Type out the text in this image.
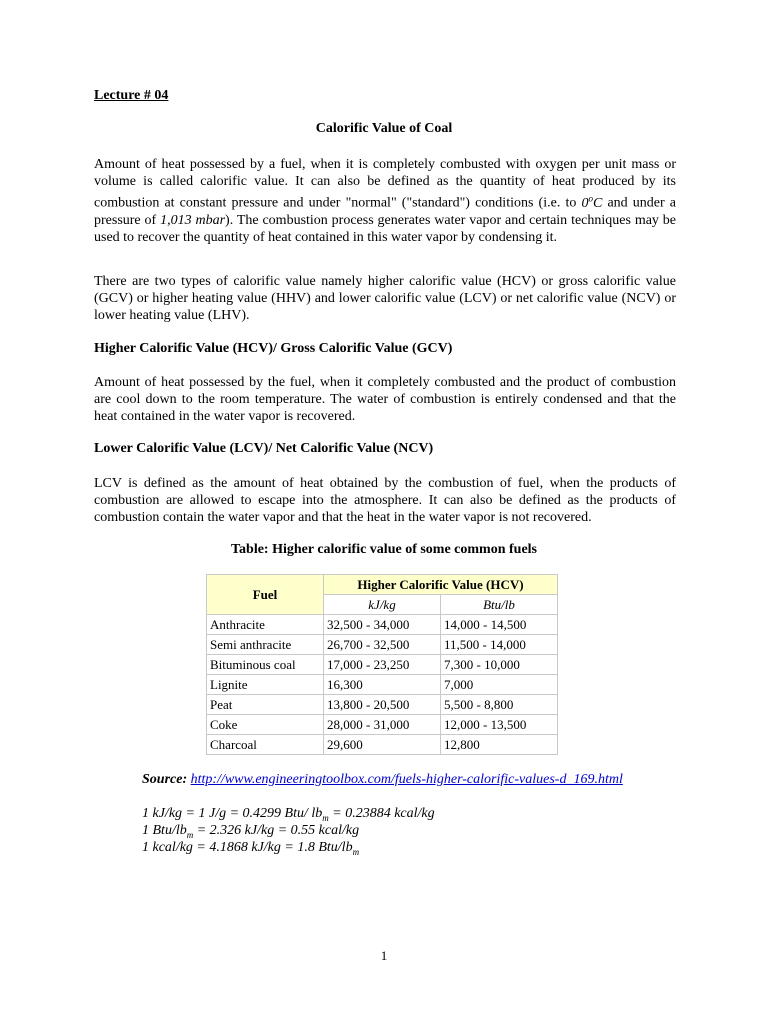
Lecture # 04
Calorific Value of Coal

Amount of heat possessed by a fuel, when it is completely combusted with oxygen per unit mass or volume is called calorific value. It can also be defined as the quantity of heat produced by its combustion at constant pressure and under "normal" ("standard") conditions (i.e. to 0$^o$C and under a pressure of 1,013 mbar). The combustion process generates water vapor and certain techniques may be used to recover the quantity of heat contained in this water vapor by condensing it.

There are two types of calorific value namely higher calorific value (HCV) or gross calorific value (GCV) or higher heating value (HHV) and lower calorific value (LCV) or net calorific value (NCV) or lower heating value (LHV).

Higher Calorific Value (HCV)/ Gross Calorific Value (GCV)

Amount of heat possessed by the fuel, when it completely combusted and the product of combustion are cool down to the room temperature. The water of combustion is entirely condensed and that the heat contained in the water vapor is recovered.

Lower Calorific Value (LCV)/ Net Calorific Value (NCV)

LCV is defined as the amount of heat obtained by the combustion of fuel, when the products of combustion are allowed to escape into the atmosphere. It can also be defined as the products of combustion contain the water vapor and that the heat in the water vapor is not recovered.

Table: Higher calorific value of some common fuels
Fuel	Higher Calorific Value (HCV)	
	kJ/kg	Btu/lb
Anthracite	32,500 - 34,000	14,000 - 14,500
Semi anthracite	26,700 - 32,500	11,500 - 14,000
Bituminous coal	17,000 - 23,250	7,300 - 10,000
Lignite	16,300	7,000
Peat	13,800 - 20,500	5,500 - 8,800
Coke	28,000 - 31,000	12,000 - 13,500
Charcoal	29,600	12,800
Source: http://www.engineeringtoolbox.com/fuels-higher-calorific-values-d_169.html
1 kJ/kg = 1 J/g = 0.4299 Btu/ $lb_m = 0.23884$ kcal/kg
1 Btu/$lb_m = 2.326$ kJ/kg = 0.55 kcal/kg
1 kcal/kg = 4.1868 kJ/kg = 1.8 Btu/$lb_m$
1
